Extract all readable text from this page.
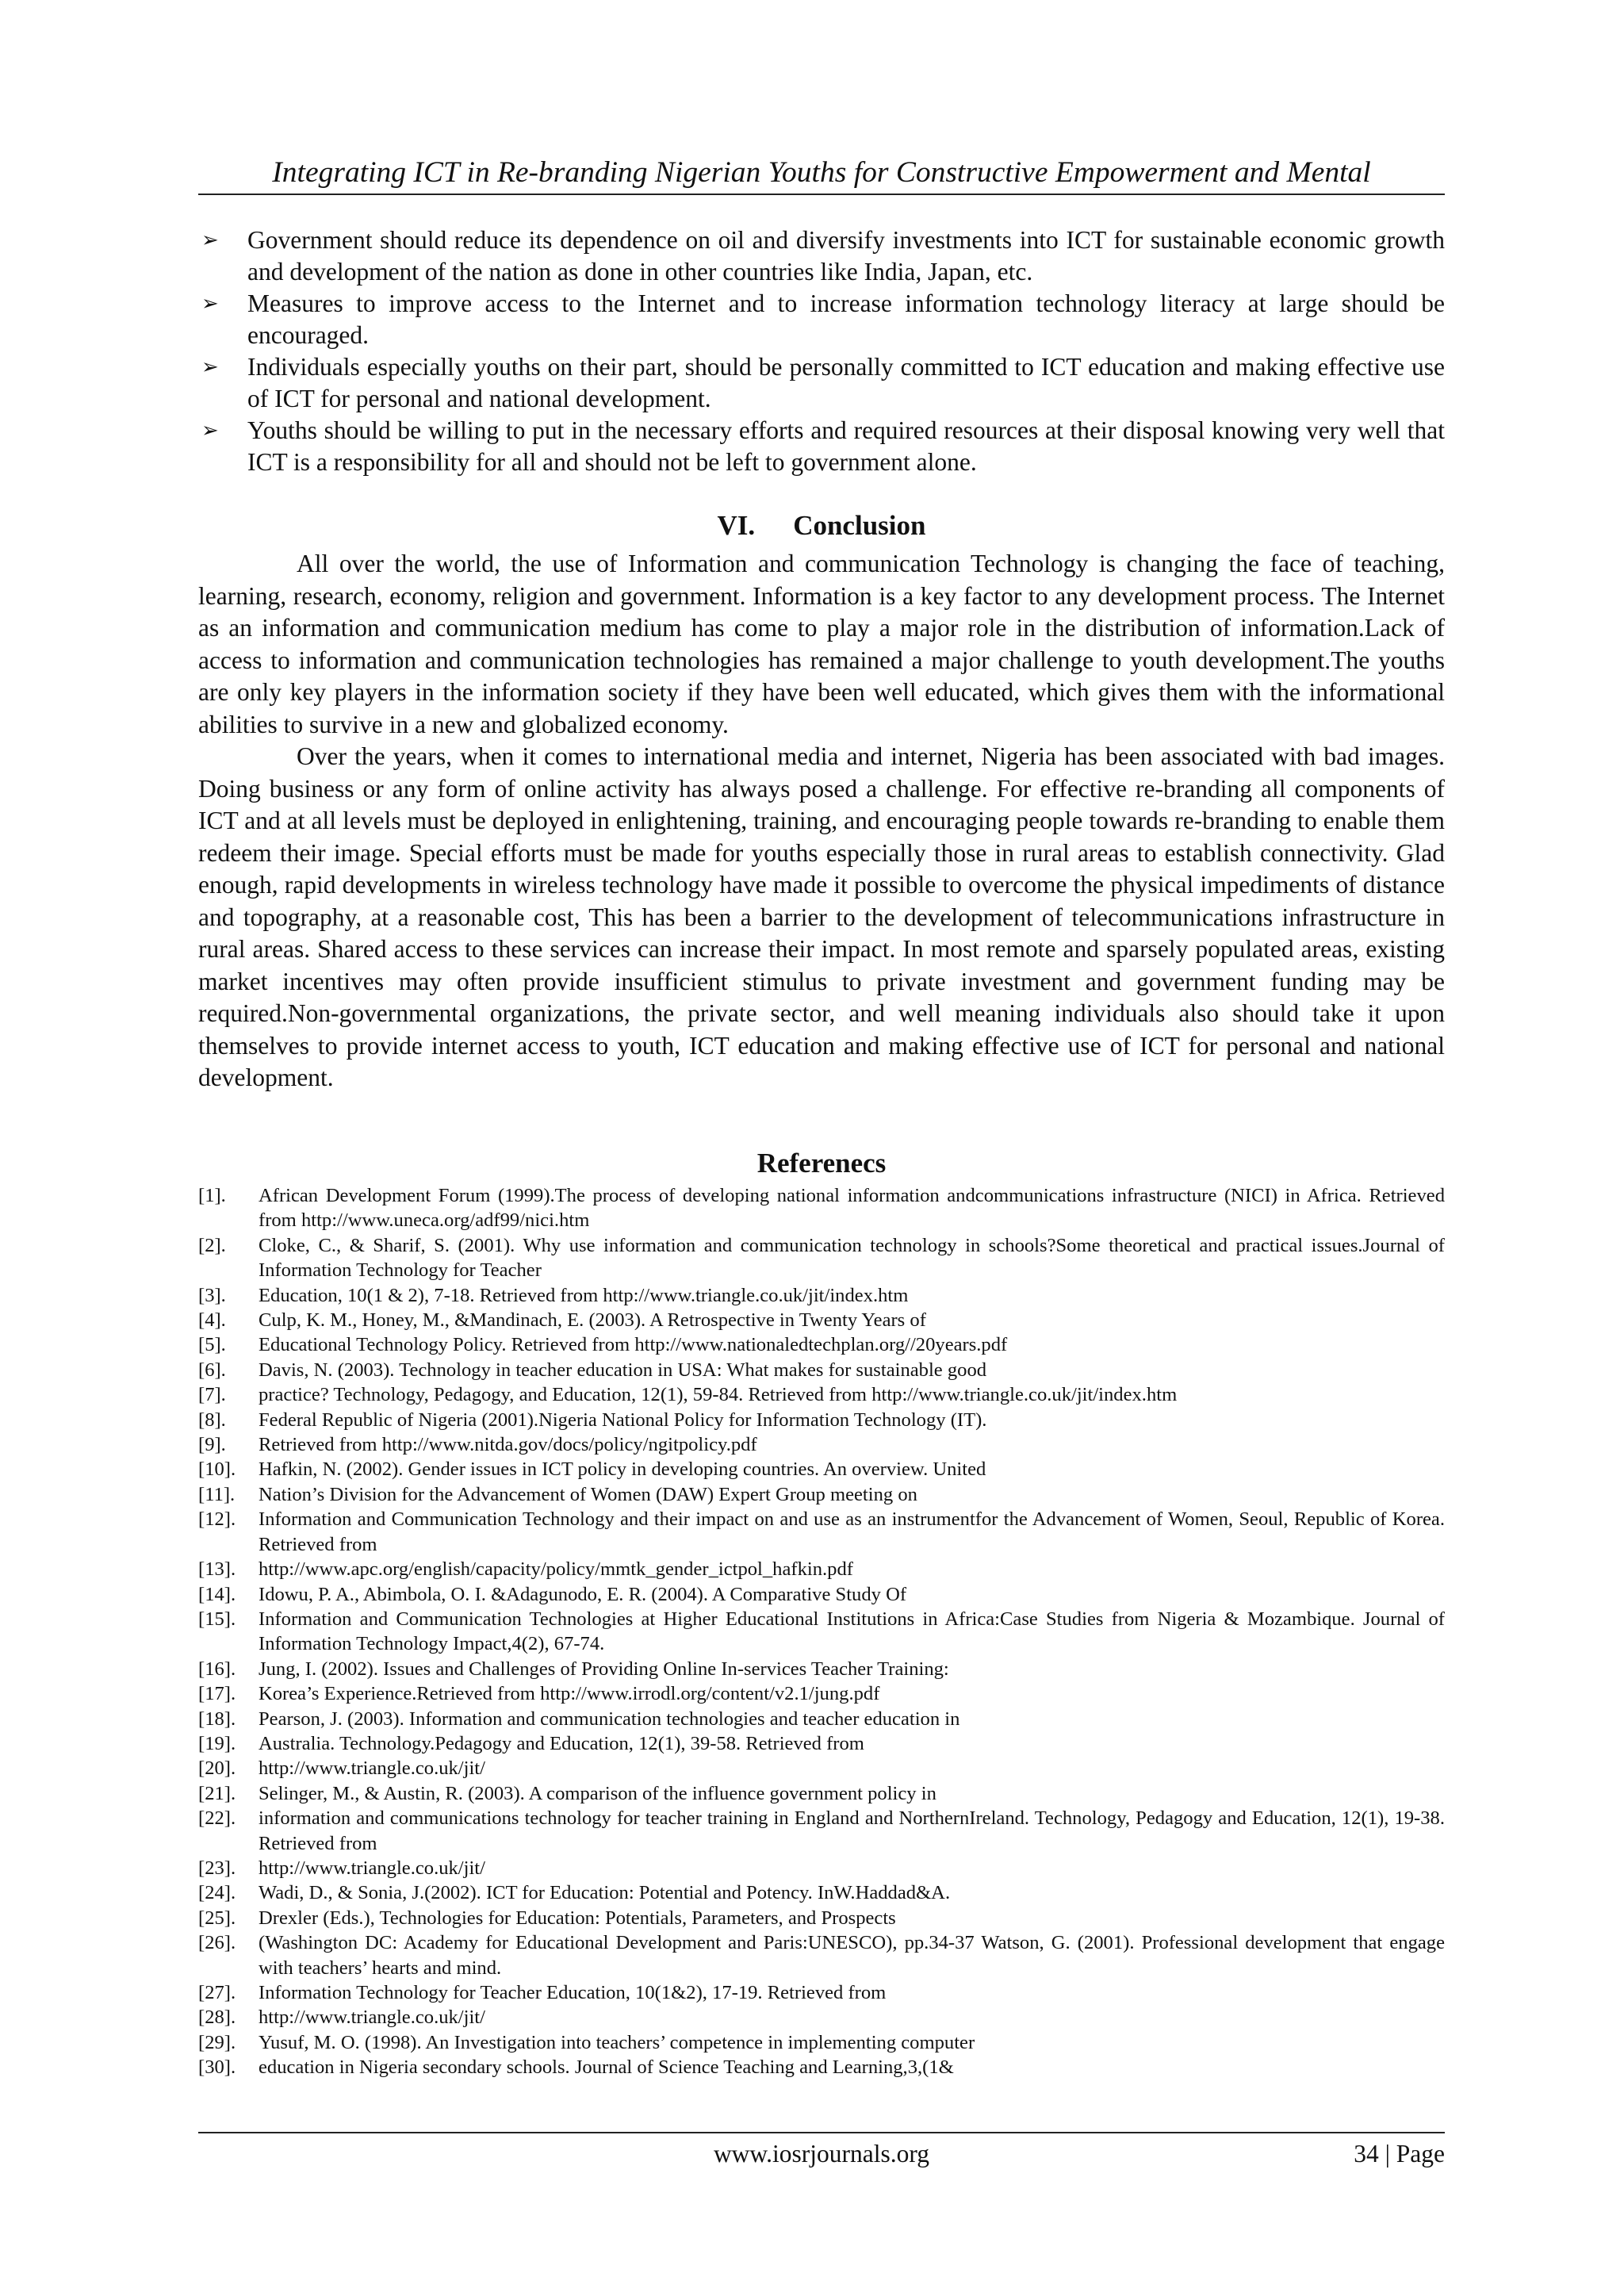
Integrating ICT in Re-branding Nigerian Youths for Constructive Empowerment and Mental
➢ Government should reduce its dependence on oil and diversify investments into ICT for sustainable economic growth and development of the nation as done in other countries like India, Japan, etc.
➢ Measures to improve access to the Internet and to increase information technology literacy at large should be encouraged.
➢ Individuals especially youths on their part, should be personally committed to ICT education and making effective use of ICT for personal and national development.
➢ Youths should be willing to put in the necessary efforts and required resources at their disposal knowing very well that ICT is a responsibility for all and should not be left to government alone.
VI. Conclusion

All over the world, the use of Information and communication Technology is changing the face of teaching, learning, research, economy, religion and government. Information is a key factor to any development process. The Internet as an information and communication medium has come to play a major role in the distribution of information.Lack of access to information and communication technologies has remained a major challenge to youth development.The youths are only key players in the information society if they have been well educated, which gives them with the informational abilities to survive in a new and globalized economy.

Over the years, when it comes to international media and internet, Nigeria has been associated with bad images. Doing business or any form of online activity has always posed a challenge. For effective re-branding all components of ICT and at all levels must be deployed in enlightening, training, and encouraging people towards re-branding to enable them redeem their image. Special efforts must be made for youths especially those in rural areas to establish connectivity. Glad enough, rapid developments in wireless technology have made it possible to overcome the physical impediments of distance and topography, at a reasonable cost, This has been a barrier to the development of telecommunications infrastructure in rural areas. Shared access to these services can increase their impact. In most remote and sparsely populated areas, existing market incentives may often provide insufficient stimulus to private investment and government funding may be required.Non-governmental organizations, the private sector, and well meaning individuals also should take it upon themselves to provide internet access to youth, ICT education and making effective use of ICT for personal and national development.

Referenecs
[1]. African Development Forum (1999).The process of developing national information andcommunications infrastructure (NICI) in Africa. Retrieved from http://www.uneca.org/adf99/nici.htm
[2]. Cloke, C., & Sharif, S. (2001). Why use information and communication technology in schools?Some theoretical and practical issues.Journal of Information Technology for Teacher
[3]. Education, 10(1 & 2), 7-18. Retrieved from http://www.triangle.co.uk/jit/index.htm
[4]. Culp, K. M., Honey, M., &Mandinach, E. (2003). A Retrospective in Twenty Years of
[5]. Educational Technology Policy. Retrieved from http://www.nationaledtechplan.org//20years.pdf
[6]. Davis, N. (2003). Technology in teacher education in USA: What makes for sustainable good
[7]. practice? Technology, Pedagogy, and Education, 12(1), 59-84. Retrieved from http://www.triangle.co.uk/jit/index.htm
[8]. Federal Republic of Nigeria (2001).Nigeria National Policy for Information Technology (IT).
[9]. Retrieved from http://www.nitda.gov/docs/policy/ngitpolicy.pdf
[10]. Hafkin, N. (2002). Gender issues in ICT policy in developing countries. An overview. United
[11]. Nation’s Division for the Advancement of Women (DAW) Expert Group meeting on
[12]. Information and Communication Technology and their impact on and use as an instrumentfor the Advancement of Women, Seoul, Republic of Korea. Retrieved from
[13]. http://www.apc.org/english/capacity/policy/mmtk_gender_ictpol_hafkin.pdf
[14]. Idowu, P. A., Abimbola, O. I. &Adagunodo, E. R. (2004). A Comparative Study Of
[15]. Information and Communication Technologies at Higher Educational Institutions in Africa:Case Studies from Nigeria & Mozambique. Journal of Information Technology Impact,4(2), 67-74.
[16]. Jung, I. (2002). Issues and Challenges of Providing Online In-services Teacher Training:
[17]. Korea’s Experience.Retrieved from http://www.irrodl.org/content/v2.1/jung.pdf
[18]. Pearson, J. (2003). Information and communication technologies and teacher education in
[19]. Australia. Technology.Pedagogy and Education, 12(1), 39-58. Retrieved from
[20]. http://www.triangle.co.uk/jit/
[21]. Selinger, M., & Austin, R. (2003). A comparison of the influence government policy in
[22]. information and communications technology for teacher training in England and NorthernIreland. Technology, Pedagogy and Education, 12(1), 19-38. Retrieved from
[23]. http://www.triangle.co.uk/jit/
[24]. Wadi, D., & Sonia, J.(2002). ICT for Education: Potential and Potency. InW.Haddad&A.
[25]. Drexler (Eds.), Technologies for Education: Potentials, Parameters, and Prospects
[26]. (Washington DC: Academy for Educational Development and Paris:UNESCO), pp.34-37 Watson, G. (2001). Professional development that engage with teachers’ hearts and mind.
[27]. Information Technology for Teacher Education, 10(1&2), 17-19. Retrieved from
[28]. http://www.triangle.co.uk/jit/
[29]. Yusuf, M. O. (1998). An Investigation into teachers’ competence in implementing computer
[30]. education in Nigeria secondary schools. Journal of Science Teaching and Learning,3,(1&
www.iosrjournals.org	34 | Page
